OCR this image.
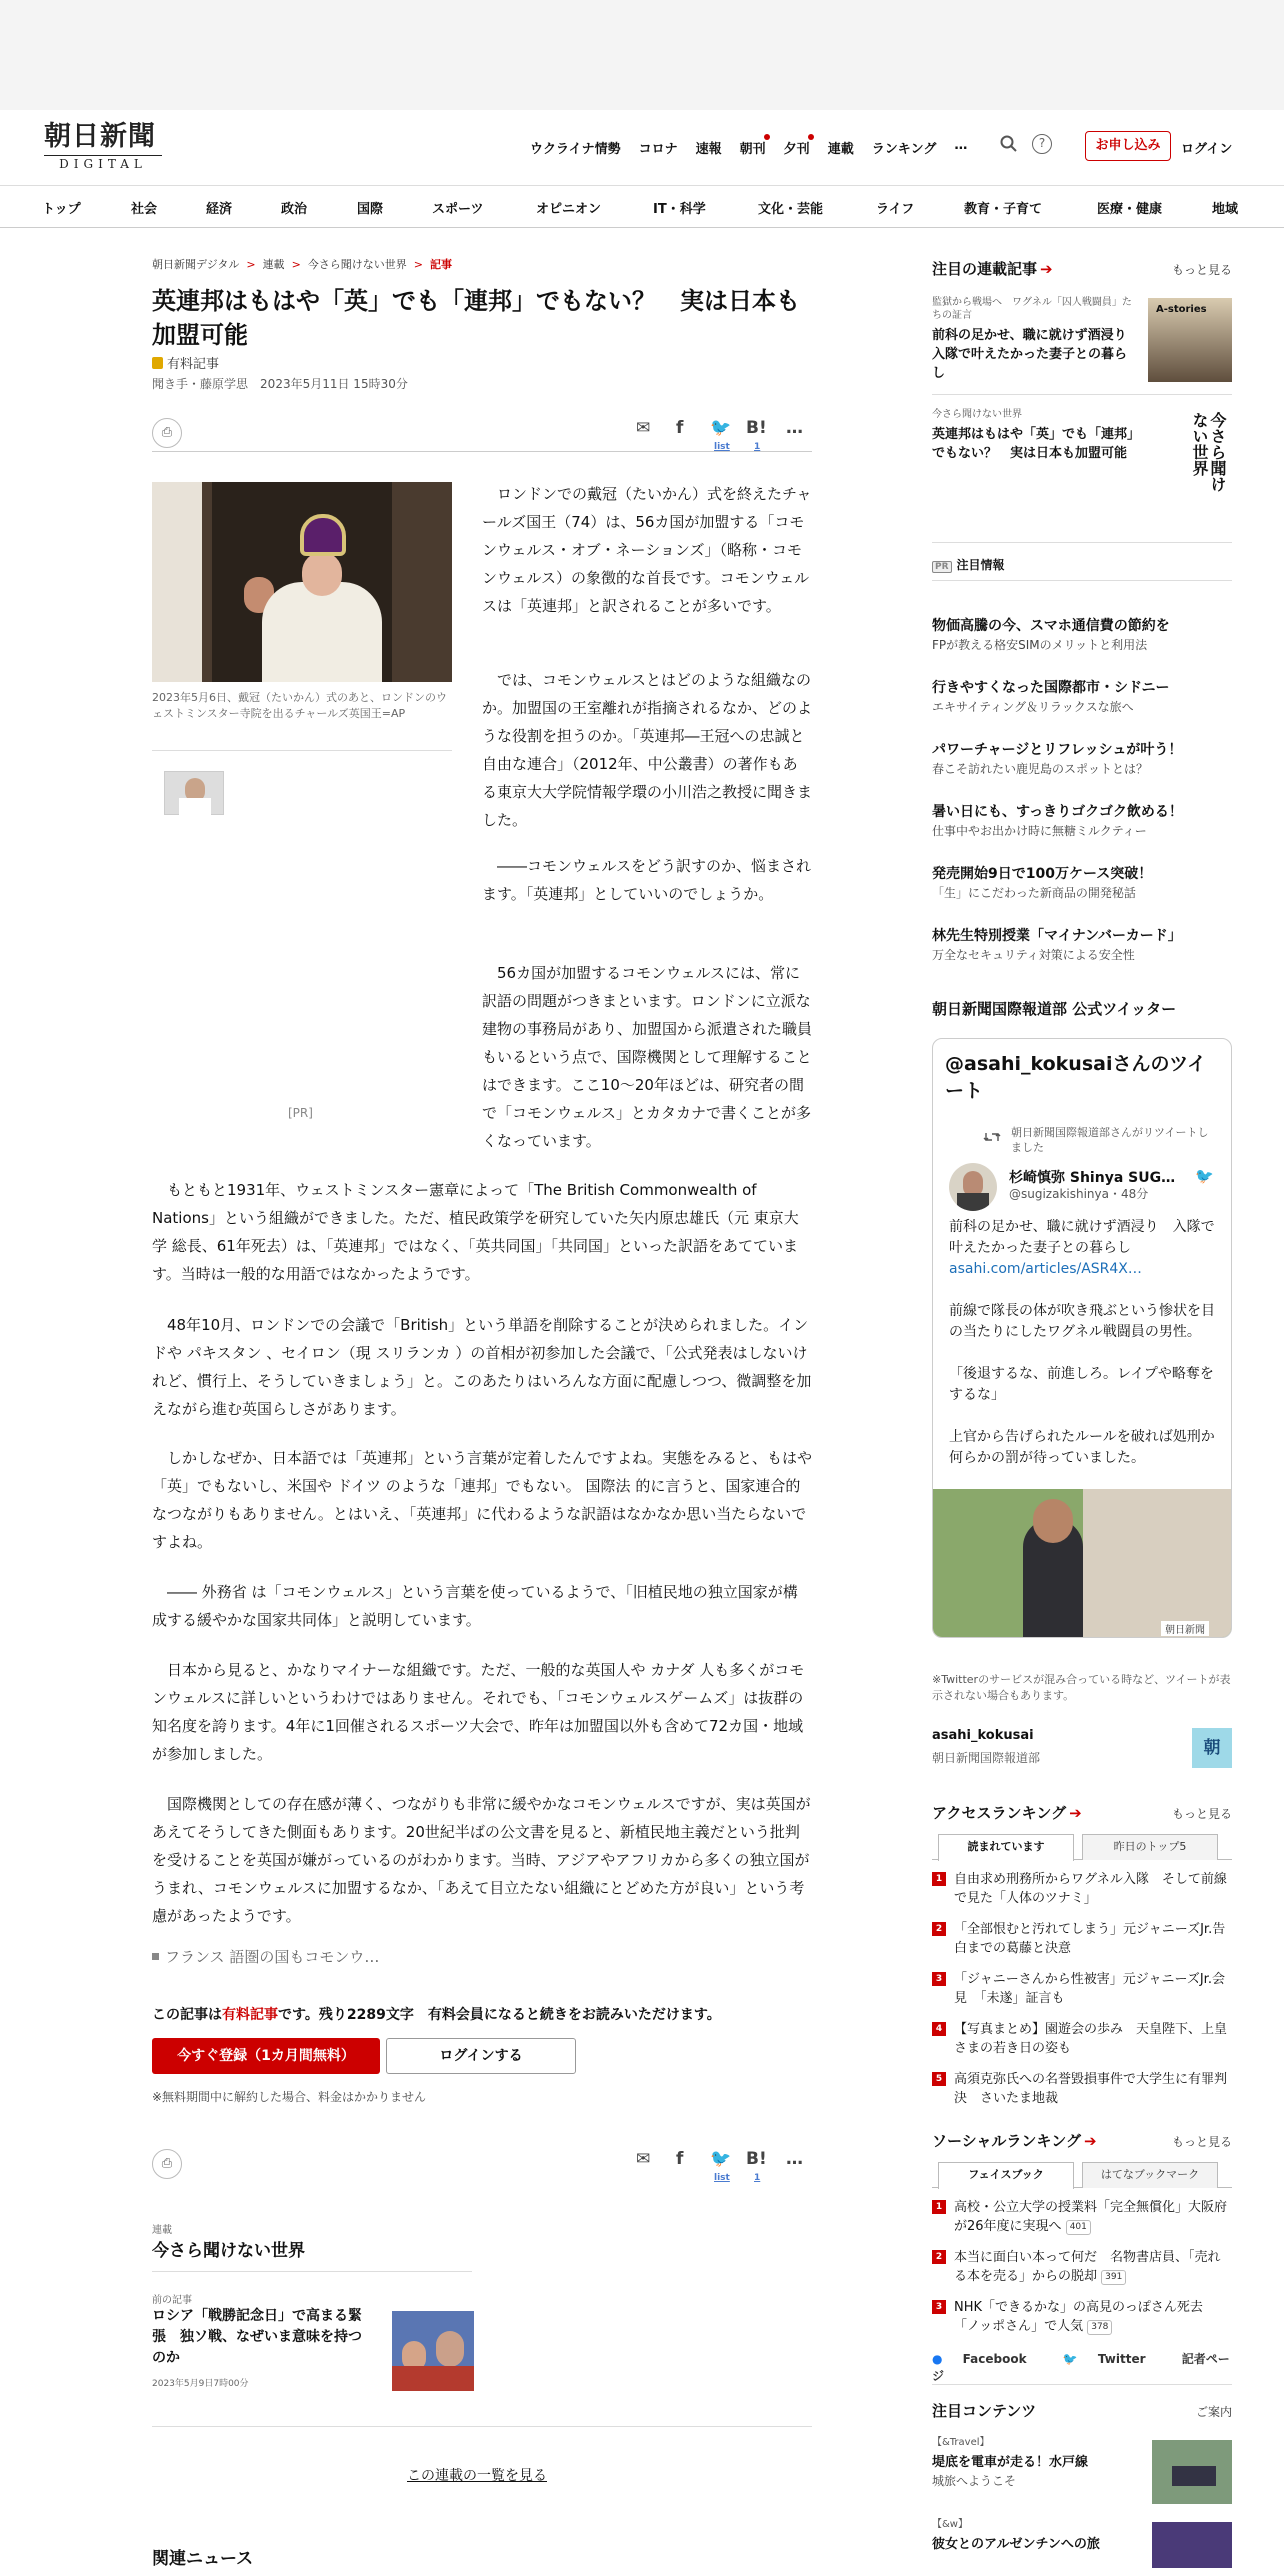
朝日新聞
DIGITAL
ウクライナ情勢 コロナ 速報 朝刊 夕刊 連載 ランキング …	?	お申し込み	ログイン
トップ	社会	経済	政治	国際	スポーツ	オピニオン	IT・科学	文化・芸能	ライフ	教育・子育て	医療・健康	地域
朝日新聞デジタル > 連載 > 今さら聞けない世界 > 記事
英連邦はもはや「英」でも「連邦」でもない？　実は日本も加盟可能
有料記事
聞き手・藤原学思　 2023年5月11日 15時30分
⎙	✉ f 🐦 B! …
list	1
2023年5月6日、戴冠（たいかん）式のあと、ロンドンのウェストミンスター寺院を出るチャールズ英国王=AP
[PR]

ロンドンでの戴冠（たいかん）式を終えたチャールズ国王（74）は、56カ国が加盟する「コモンウェルス・オブ・ネーションズ」（略称・コモンウェルス）の象徴的な首長です。コモンウェルスは「英連邦」と訳されることが多いです。

では、コモンウェルスとはどのような組織なのか。加盟国の王室離れが指摘されるなか、どのような役割を担うのか。「英連邦―王冠への忠誠と自由な連合」（2012年、中公叢書）の著作もある東京大大学院情報学環の小川浩之教授に聞きました。

――コモンウェルスをどう訳すのか、悩まされます。「英連邦」としていいのでしょうか。

56カ国が加盟するコモンウェルスには、常に訳語の問題がつきまといます。ロンドンに立派な建物の事務局があり、加盟国から派遣された職員もいるという点で、国際機関として理解することはできます。ここ10～20年ほどは、研究者の間で「コモンウェルス」とカタカナで書くことが多くなっています。

もともと1931年、ウェストミンスター憲章によって「The British Commonwealth of Nations」という組織ができました。ただ、植民政策学を研究していた矢内原忠雄氏（元 東京大学 総長、61年死去）は、「英連邦」ではなく、「英共同国」「共同国」といった訳語をあてています。当時は一般的な用語ではなかったようです。

48年10月、ロンドンでの会議で「British」という単語を削除することが決められました。インドや パキスタン 、セイロン（現 スリランカ ）の首相が初参加した会議で、「公式発表はしないけれど、慣行上、そうしていきましょう」と。このあたりはいろんな方面に配慮しつつ、微調整を加えながら進む英国らしさがあります。

しかしなぜか、日本語では「英連邦」という言葉が定着したんですよね。実態をみると、もはや「英」でもないし、米国や ドイツ のような「連邦」でもない。 国際法 的に言うと、国家連合的なつながりもありません。とはいえ、「英連邦」に代わるような訳語はなかなか思い当たらないですよね。

―― 外務省 は「コモンウェルス」という言葉を使っているようで、「旧植民地の独立国家が構成する緩やかな国家共同体」と説明しています。

日本から見ると、かなりマイナーな組織です。ただ、一般的な英国人や カナダ 人も多くがコモンウェルスに詳しいというわけではありません。それでも、「コモンウェルスゲームズ」は抜群の知名度を誇ります。4年に1回催されるスポーツ大会で、昨年は加盟国以外も含めて72カ国・地域が参加しました。

国際機関としての存在感が薄く、つながりも非常に緩やかなコモンウェルスですが、実は英国があえてそうしてきた側面もあります。20世紀半ばの公文書を見ると、新植民地主義だという批判を受けることを英国が嫌がっているのがわかります。当時、アジアやアフリカから多くの独立国がうまれ、コモンウェルスに加盟するなか、「あえて目立たない組織にとどめた方が良い」という考慮があったようです。

フランス 語圏の国もコモンウ…
この記事は有料記事です。残り2289文字　有料会員になると続きをお読みいただけます。
今すぐ登録（1カ月間無料）	ログインする
※無料期間中に解約した場合、料金はかかりません
⎙	✉ f 🐦 B! …
list	1
連載
今さら聞けない世界
前の記事
ロシア「戦勝記念日」で高まる緊張　独ソ戦、なぜいま意味を持つのか
2023年5月9日7時00分
この連載の一覧を見る
関連ニュース
注目の連載記事 ➔	もっと見る
監獄から戦場へ　ワグネル「囚人戦闘員」たちの証言
前科の足かせ、職に就けず酒浸り　入隊で叶えたかった妻子との暮らし
A-stories
今さら聞けない世界
英連邦はもはや「英」でも「連邦」でもない？　実は日本も加盟可能	今さら聞けない世界
PR 注目情報
物価高騰の今、スマホ通信費の節約を
FPが教える格安SIMのメリットと利用法
行きやすくなった国際都市・シドニー
エキサイティング＆リラックスな旅へ
パワーチャージとリフレッシュが叶う！
春こそ訪れたい鹿児島のスポットとは？
暑い日にも、すっきりゴクゴク飲める！
仕事中やお出かけ時に無糖ミルクティー
発売開始9日で100万ケース突破！
「生」にこだわった新商品の開発秘話
林先生特別授業「マイナンバーカード」
万全なセキュリティ対策による安全性
朝日新聞国際報道部 公式ツイッター
@asahi_kokusaiさんのツイート
朝日新聞国際報道部さんがリツイートしました
杉崎慎弥 Shinya SUG…
@sugizakishinya・48分
🐦
前科の足かせ、職に就けず酒浸り　入隊で叶えたかった妻子との暮らし
asahi.com/articles/ASR4X…
前線で隊長の体が吹き飛ぶという惨状を目の当たりにしたワグネル戦闘員の男性。
「後退するな、前進しろ。レイプや略奪をするな」
上官から告げられたルールを破れば処刑か何らかの罰が待っていました。
朝日新聞
※Twitterのサービスが混み合っている時など、ツイートが表示されない場合もあります。
asahi_kokusai
朝日新聞国際報道部	朝
アクセスランキング ➔	もっと見る
読まれています	昨日のトップ5
1 自由求め刑務所からワグネル入隊　そして前線で見た「人体のツナミ」
2 「全部恨むと汚れてしまう」元ジャニーズJr.告白までの葛藤と決意
3 「ジャニーさんから性被害」元ジャニーズJr.会見　「未遂」証言も
4 【写真まとめ】園遊会の歩み　天皇陛下、上皇さまの若き日の姿も
5 高須克弥氏への名誉毀損事件で大学生に有罪判決　さいたま地裁
ソーシャルランキング ➔	もっと見る
フェイスブック	はてなブックマーク
1 高校・公立大学の授業料「完全無償化」大阪府が26年度に実現へ 401
2 本当に面白い本って何だ　名物書店員、「売れる本を売る」からの脱却 391
3 NHK「できるかな」の高見のっぽさん死去　「ノッポさん」で人気 378
● Facebook	🐦 Twitter	記者ページ
注目コンテンツ	ご案内
【&Travel】
堤底を電車が走る！水戸線
城旅へようこそ
【&w】
彼女とのアルゼンチンへの旅
